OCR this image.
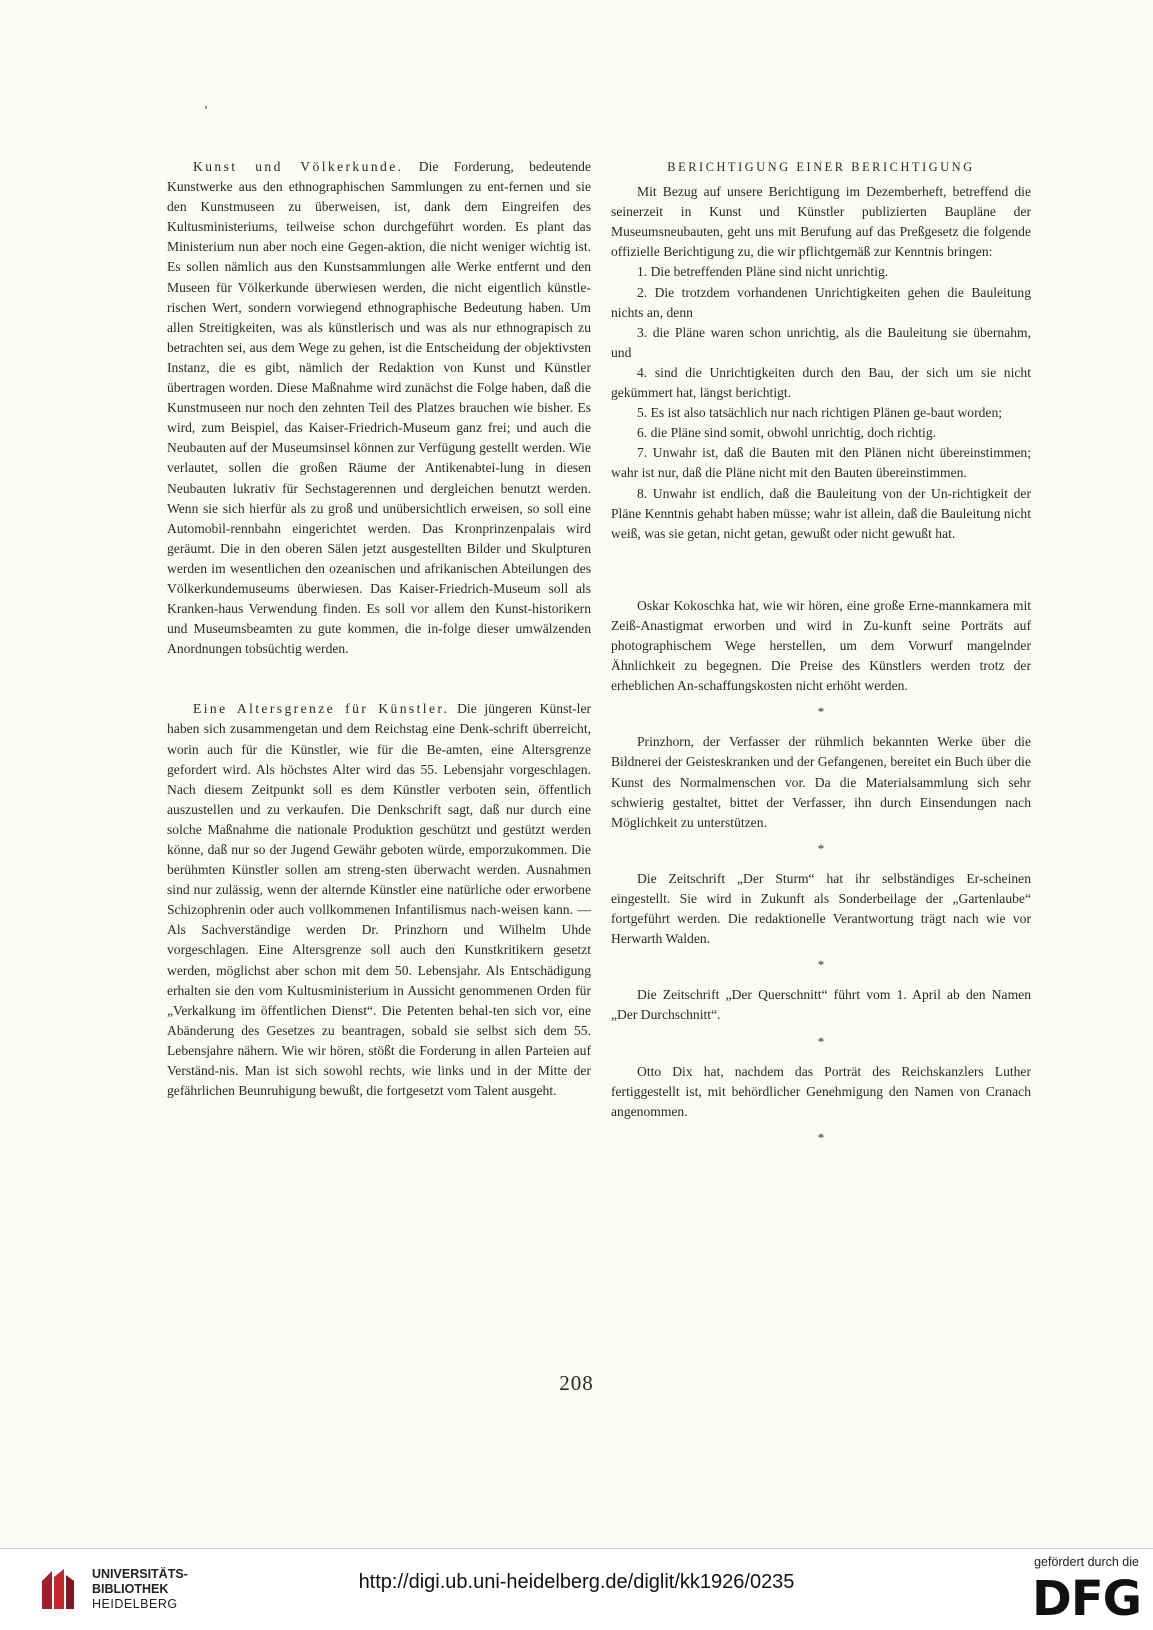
Kunst und Völkerkunde. Die Forderung, bedeutende Kunstwerke aus den ethnographischen Sammlungen zu ent-fernen und sie den Kunstmuseen zu überweisen, ist, dank dem Eingreifen des Kultusministeriums, teilweise schon durchgeführt worden. Es plant das Ministerium nun aber noch eine Gegen-aktion, die nicht weniger wichtig ist. Es sollen nämlich aus den Kunstsammlungen alle Werke entfernt und den Museen für Völkerkunde überwiesen werden, die nicht eigentlich künstle-rischen Wert, sondern vorwiegend ethnographische Bedeutung haben. Um allen Streitigkeiten, was als künstlerisch und was als nur ethnograpisch zu betrachten sei, aus dem Wege zu gehen, ist die Entscheidung der objektivsten Instanz, die es gibt, nämlich der Redaktion von Kunst und Künstler übertragen worden. Diese Maßnahme wird zunächst die Folge haben, daß die Kunstmuseen nur noch den zehnten Teil des Platzes brauchen wie bisher. Es wird, zum Beispiel, das Kaiser-Friedrich-Museum ganz frei; und auch die Neubauten auf der Museumsinsel können zur Verfügung gestellt werden. Wie verlautet, sollen die großen Räume der Antikenabtei-lung in diesen Neubauten lukrativ für Sechstagerennen und dergleichen benutzt werden. Wenn sie sich hierfür als zu groß und unübersichtlich erweisen, so soll eine Automobil-rennbahn eingerichtet werden. Das Kronprinzenpalais wird geräumt. Die in den oberen Sälen jetzt ausgestellten Bilder und Skulpturen werden im wesentlichen den ozeanischen und afrikanischen Abteilungen des Völkerkundemuseums überwiesen. Das Kaiser-Friedrich-Museum soll als Kranken-haus Verwendung finden. Es soll vor allem den Kunst-historikern und Museumsbeamten zu gute kommen, die in-folge dieser umwälzenden Anordnungen tobsüchtig werden.

Eine Altersgrenze für Künstler. Die jüngeren Künst-ler haben sich zusammengetan und dem Reichstag eine Denk-schrift überreicht, worin auch für die Künstler, wie für die Be-amten, eine Altersgrenze gefordert wird. Als höchstes Alter wird das 55. Lebensjahr vorgeschlagen. Nach diesem Zeitpunkt soll es dem Künstler verboten sein, öffentlich auszustellen und zu verkaufen. Die Denkschrift sagt, daß nur durch eine solche Maßnahme die nationale Produktion geschützt und gestützt werden könne, daß nur so der Jugend Gewähr geboten würde, emporzukommen. Die berühmten Künstler sollen am streng-sten überwacht werden. Ausnahmen sind nur zulässig, wenn der alternde Künstler eine natürliche oder erworbene Schizophrenin oder auch vollkommenen Infantilismus nach-weisen kann. — Als Sachverständige werden Dr. Prinzhorn und Wilhelm Uhde vorgeschlagen. Eine Altersgrenze soll auch den Kunstkritikern gesetzt werden, möglichst aber schon mit dem 50. Lebensjahr. Als Entschädigung erhalten sie den vom Kultusministerium in Aussicht genommenen Orden für „Verkalkung im öffentlichen Dienst“. Die Petenten behal-ten sich vor, eine Abänderung des Gesetzes zu beantragen, sobald sie selbst sich dem 55. Lebensjahre nähern. Wie wir hören, stößt die Forderung in allen Parteien auf Verständ-nis. Man ist sich sowohl rechts, wie links und in der Mitte der gefährlichen Beunruhigung bewußt, die fortgesetzt vom Talent ausgeht.

BERICHTIGUNG EINER BERICHTIGUNG

Mit Bezug auf unsere Berichtigung im Dezemberheft, betreffend die seinerzeit in Kunst und Künstler publizierten Baupläne der Museumsneubauten, geht uns mit Berufung auf das Preßgesetz die folgende offizielle Berichtigung zu, die wir pflichtgemäß zur Kenntnis bringen:

1. Die betreffenden Pläne sind nicht unrichtig.

2. Die trotzdem vorhandenen Unrichtigkeiten gehen die Bauleitung nichts an, denn

3. die Pläne waren schon unrichtig, als die Bauleitung sie übernahm, und

4. sind die Unrichtigkeiten durch den Bau, der sich um sie nicht gekümmert hat, längst berichtigt.

5. Es ist also tatsächlich nur nach richtigen Plänen ge-baut worden;

6. die Pläne sind somit, obwohl unrichtig, doch richtig.

7. Unwahr ist, daß die Bauten mit den Plänen nicht übereinstimmen; wahr ist nur, daß die Pläne nicht mit den Bauten übereinstimmen.

8. Unwahr ist endlich, daß die Bauleitung von der Un-richtigkeit der Pläne Kenntnis gehabt haben müsse; wahr ist allein, daß die Bauleitung nicht weiß, was sie getan, nicht getan, gewußt oder nicht gewußt hat.

Oskar Kokoschka hat, wie wir hören, eine große Erne-mannkamera mit Zeiß-Anastigmat erworben und wird in Zu-kunft seine Porträts auf photographischem Wege herstellen, um dem Vorwurf mangelnder Ähnlichkeit zu begegnen. Die Preise des Künstlers werden trotz der erheblichen An-schaffungskosten nicht erhöht werden.

*

Prinzhorn, der Verfasser der rühmlich bekannten Werke über die Bildnerei der Geisteskranken und der Gefangenen, bereitet ein Buch über die Kunst des Normalmenschen vor. Da die Materialsammlung sich sehr schwierig gestaltet, bittet der Verfasser, ihn durch Einsendungen nach Möglichkeit zu unterstützen.

*

Die Zeitschrift „Der Sturm“ hat ihr selbständiges Er-scheinen eingestellt. Sie wird in Zukunft als Sonderbeilage der „Gartenlaube“ fortgeführt werden. Die redaktionelle Verantwortung trägt nach wie vor Herwarth Walden.

*

Die Zeitschrift „Der Querschnitt“ führt vom 1. April ab den Namen „Der Durchschnitt“.

*

Otto Dix hat, nachdem das Porträt des Reichskanzlers Luther fertiggestellt ist, mit behördlicher Genehmigung den Namen von Cranach angenommen.

*
208
UNIVERSITÄTS-
BIBLIOTHEK
HEIDELBERG
http://digi.ub.uni-heidelberg.de/diglit/kk1926/0235
gefördert durch die
DFG
